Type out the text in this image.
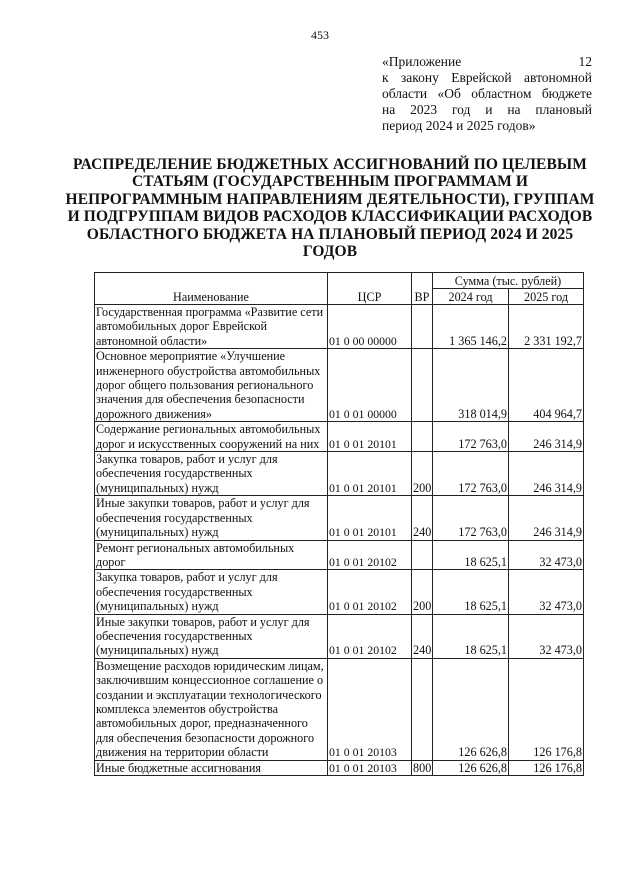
453
«Приложение 12
к закону Еврейской автономной
области «Об областном бюджете
на 2023 год и на плановый
период 2024 и 2025 годов»
РАСПРЕДЕЛЕНИЕ БЮДЖЕТНЫХ АССИГНОВАНИЙ ПО ЦЕЛЕВЫМ СТАТЬЯМ (ГОСУДАРСТВЕННЫМ ПРОГРАММАМ И НЕПРОГРАММНЫМ НАПРАВЛЕНИЯМ ДЕЯТЕЛЬНОСТИ), ГРУППАМ И ПОДГРУППАМ ВИДОВ РАСХОДОВ КЛАССИФИКАЦИИ РАСХОДОВ ОБЛАСТНОГО БЮДЖЕТА НА ПЛАНОВЫЙ ПЕРИОД 2024 И 2025 ГОДОВ
Наименование	ЦСР	ВР	Сумма (тыс. рублей)	
			2024 год	2025 год
Государственная программа «Развитие сети автомобильных дорог Еврейской автономной области»	01 0 00 00000		1 365 146,2	2 331 192,7
Основное мероприятие «Улучшение инженерного обустройства автомобильных дорог общего пользования регионального значения для обеспечения безопасности дорожного движения»	01 0 01 00000		318 014,9	404 964,7
Содержание региональных автомобильных дорог и искусственных сооружений на них	01 0 01 20101		172 763,0	246 314,9
Закупка товаров, работ и услуг для обеспечения государственных (муниципальных) нужд	01 0 01 20101	200	172 763,0	246 314,9
Иные закупки товаров, работ и услуг для обеспечения государственных (муниципальных) нужд	01 0 01 20101	240	172 763,0	246 314,9
Ремонт региональных автомобильных дорог	01 0 01 20102		18 625,1	32 473,0
Закупка товаров, работ и услуг для обеспечения государственных (муниципальных) нужд	01 0 01 20102	200	18 625,1	32 473,0
Иные закупки товаров, работ и услуг для обеспечения государственных (муниципальных) нужд	01 0 01 20102	240	18 625,1	32 473,0
Возмещение расходов юридическим лицам, заключившим концессионное соглашение о создании и эксплуатации технологического комплекса элементов обустройства автомобильных дорог, предназначенного для обеспечения безопасности дорожного движения на территории области	01 0 01 20103		126 626,8	126 176,8
Иные бюджетные ассигнования	01 0 01 20103	800	126 626,8	126 176,8
